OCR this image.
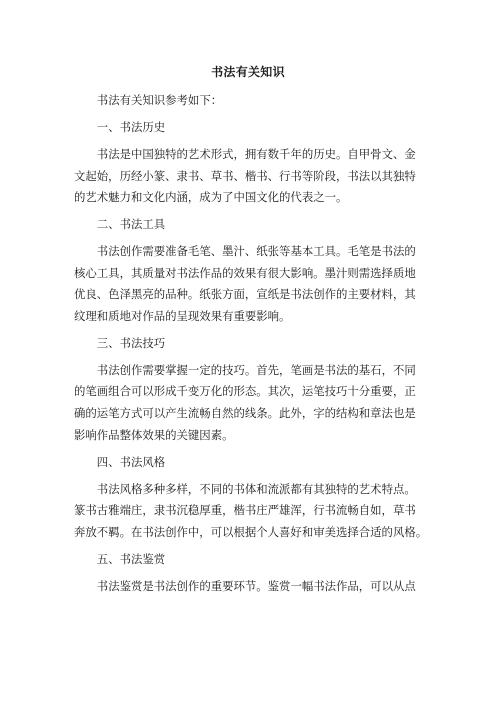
书法有关知识

书法有关知识参考如下：

一、书法历史

书法是中国独特的艺术形式，拥有数千年的历史。自甲骨文、金
文起始，历经小篆、隶书、草书、楷书、行书等阶段，书法以其独特
的艺术魅力和文化内涵，成为了中国文化的代表之一。

二、书法工具

书法创作需要准备毛笔、墨汁、纸张等基本工具。毛笔是书法的
核心工具，其质量对书法作品的效果有很大影响。墨汁则需选择质地
优良、色泽黑亮的品种。纸张方面，宣纸是书法创作的主要材料，其
纹理和质地对作品的呈现效果有重要影响。

三、书法技巧

书法创作需要掌握一定的技巧。首先，笔画是书法的基石，不同
的笔画组合可以形成千变万化的形态。其次，运笔技巧十分重要，正
确的运笔方式可以产生流畅自然的线条。此外，字的结构和章法也是
影响作品整体效果的关键因素。

四、书法风格

书法风格多种多样，不同的书体和流派都有其独特的艺术特点。
篆书古雅端庄，隶书沉稳厚重，楷书庄严雄浑，行书流畅自如，草书
奔放不羁。在书法创作中，可以根据个人喜好和审美选择合适的风格。

五、书法鉴赏

书法鉴赏是书法创作的重要环节。鉴赏一幅书法作品，可以从点
